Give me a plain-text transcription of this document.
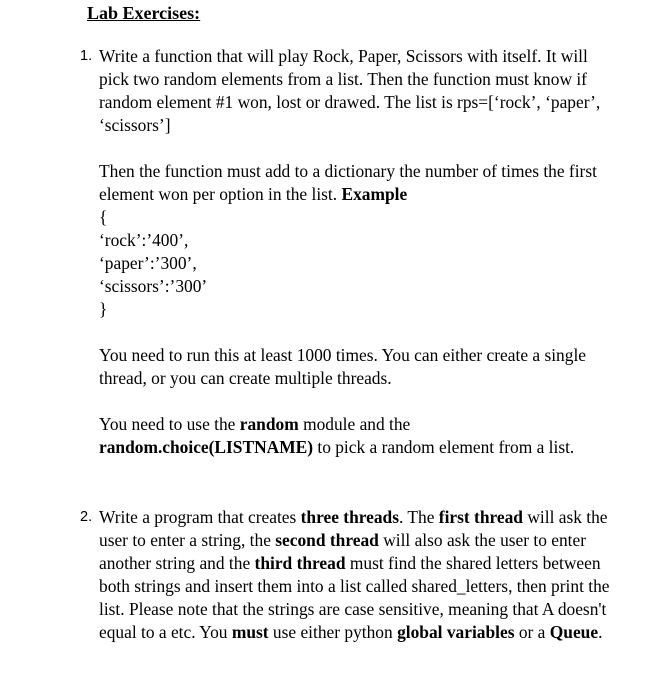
Lab Exercises:
1. Write a function that will play Rock, Paper, Scissors with itself. It will pick two random elements from a list. Then the function must know if random element #1 won, lost or drawed. The list is rps=[‘rock’, ‘paper’, ‘scissors’]

Then the function must add to a dictionary the number of times the first element won per option in the list. Example

{

‘rock’:’400’,

‘paper’:’300’,

‘scissors’:’300’

}

You need to run this at least 1000 times. You can either create a single thread, or you can create multiple threads.

You need to use the random module and the random.choice(LISTNAME) to pick a random element from a list.

2. Write a program that creates three threads. The first thread will ask the user to enter a string, the second thread will also ask the user to enter another string and the third thread must find the shared letters between both strings and insert them into a list called shared_letters, then print the list. Please note that the strings are case sensitive, meaning that A doesn't equal to a etc. You must use either python global variables or a Queue.
